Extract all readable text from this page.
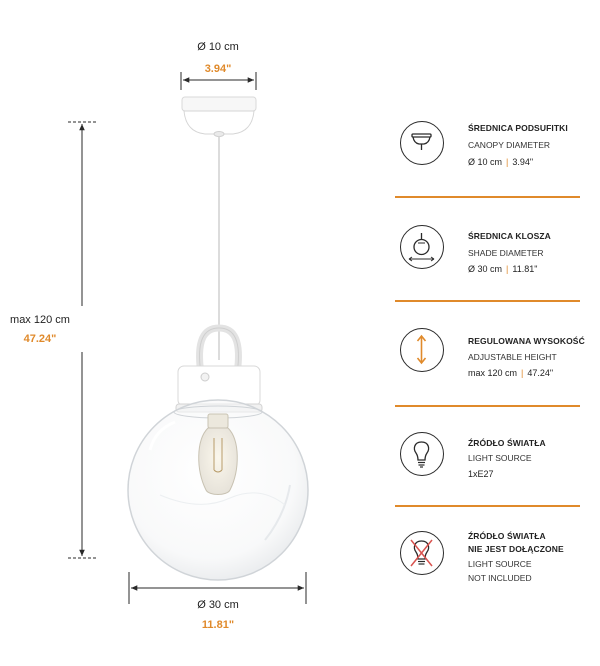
Ø 10 cm
3.94"
max 120 cm
47.24"
Ø 30 cm
11.81"
ŚREDNICA PODSUFITKI
CANOPY DIAMETER
Ø 10 cm | 3.94"
ŚREDNICA KLOSZA
SHADE DIAMETER
Ø 30 cm | 11.81"
REGULOWANA WYSOKOŚĆ
ADJUSTABLE HEIGHT
max 120 cm | 47.24"
ŹRÓDŁO ŚWIATŁA
LIGHT SOURCE
1xE27
ŹRÓDŁO ŚWIATŁA
NIE JEST DOŁĄCZONE
LIGHT SOURCE
NOT INCLUDED
